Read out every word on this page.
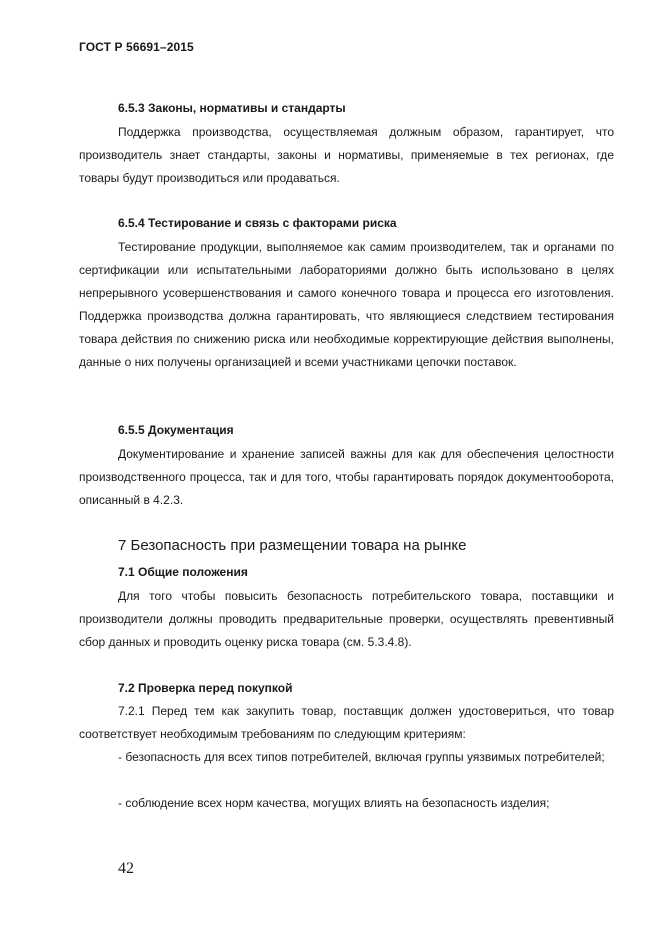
ГОСТ Р 56691–2015
6.5.3 Законы, нормативы и стандарты

Поддержка производства, осуществляемая должным образом, гарантирует, что производитель знает стандарты, законы и нормативы, применяемые в тех регионах, где товары будут производиться или продаваться.

6.5.4 Тестирование и связь с факторами риска

Тестирование продукции, выполняемое как самим производителем, так и органами по сертификации или испытательными лабораториями должно быть использовано в целях непрерывного усовершенствования и самого конечного товара и процесса его изготовления. Поддержка производства должна гарантировать, что являющиеся следствием тестирования товара действия по снижению риска или необходимые корректирующие действия выполнены, данные о них получены организацией и всеми участниками цепочки поставок.

6.5.5 Документация

Документирование и хранение записей важны для как для обеспечения целостности производственного процесса, так и для того, чтобы гарантировать порядок документооборота, описанный в 4.2.3.

7 Безопасность при размещении товара на рынке
7.1 Общие положения

Для того чтобы повысить безопасность потребительского товара, поставщики и производители должны проводить предварительные проверки, осуществлять превентивный сбор данных и проводить оценку риска товара (см. 5.3.4.8).

7.2 Проверка перед покупкой

7.2.1 Перед тем как закупить товар, поставщик должен удостовериться, что товар соответствует необходимым требованиям по следующим критериям:

- безопасность для всех типов потребителей, включая группы уязвимых потребителей;

- соблюдение всех норм качества, могущих влиять на безопасность изделия;

42
